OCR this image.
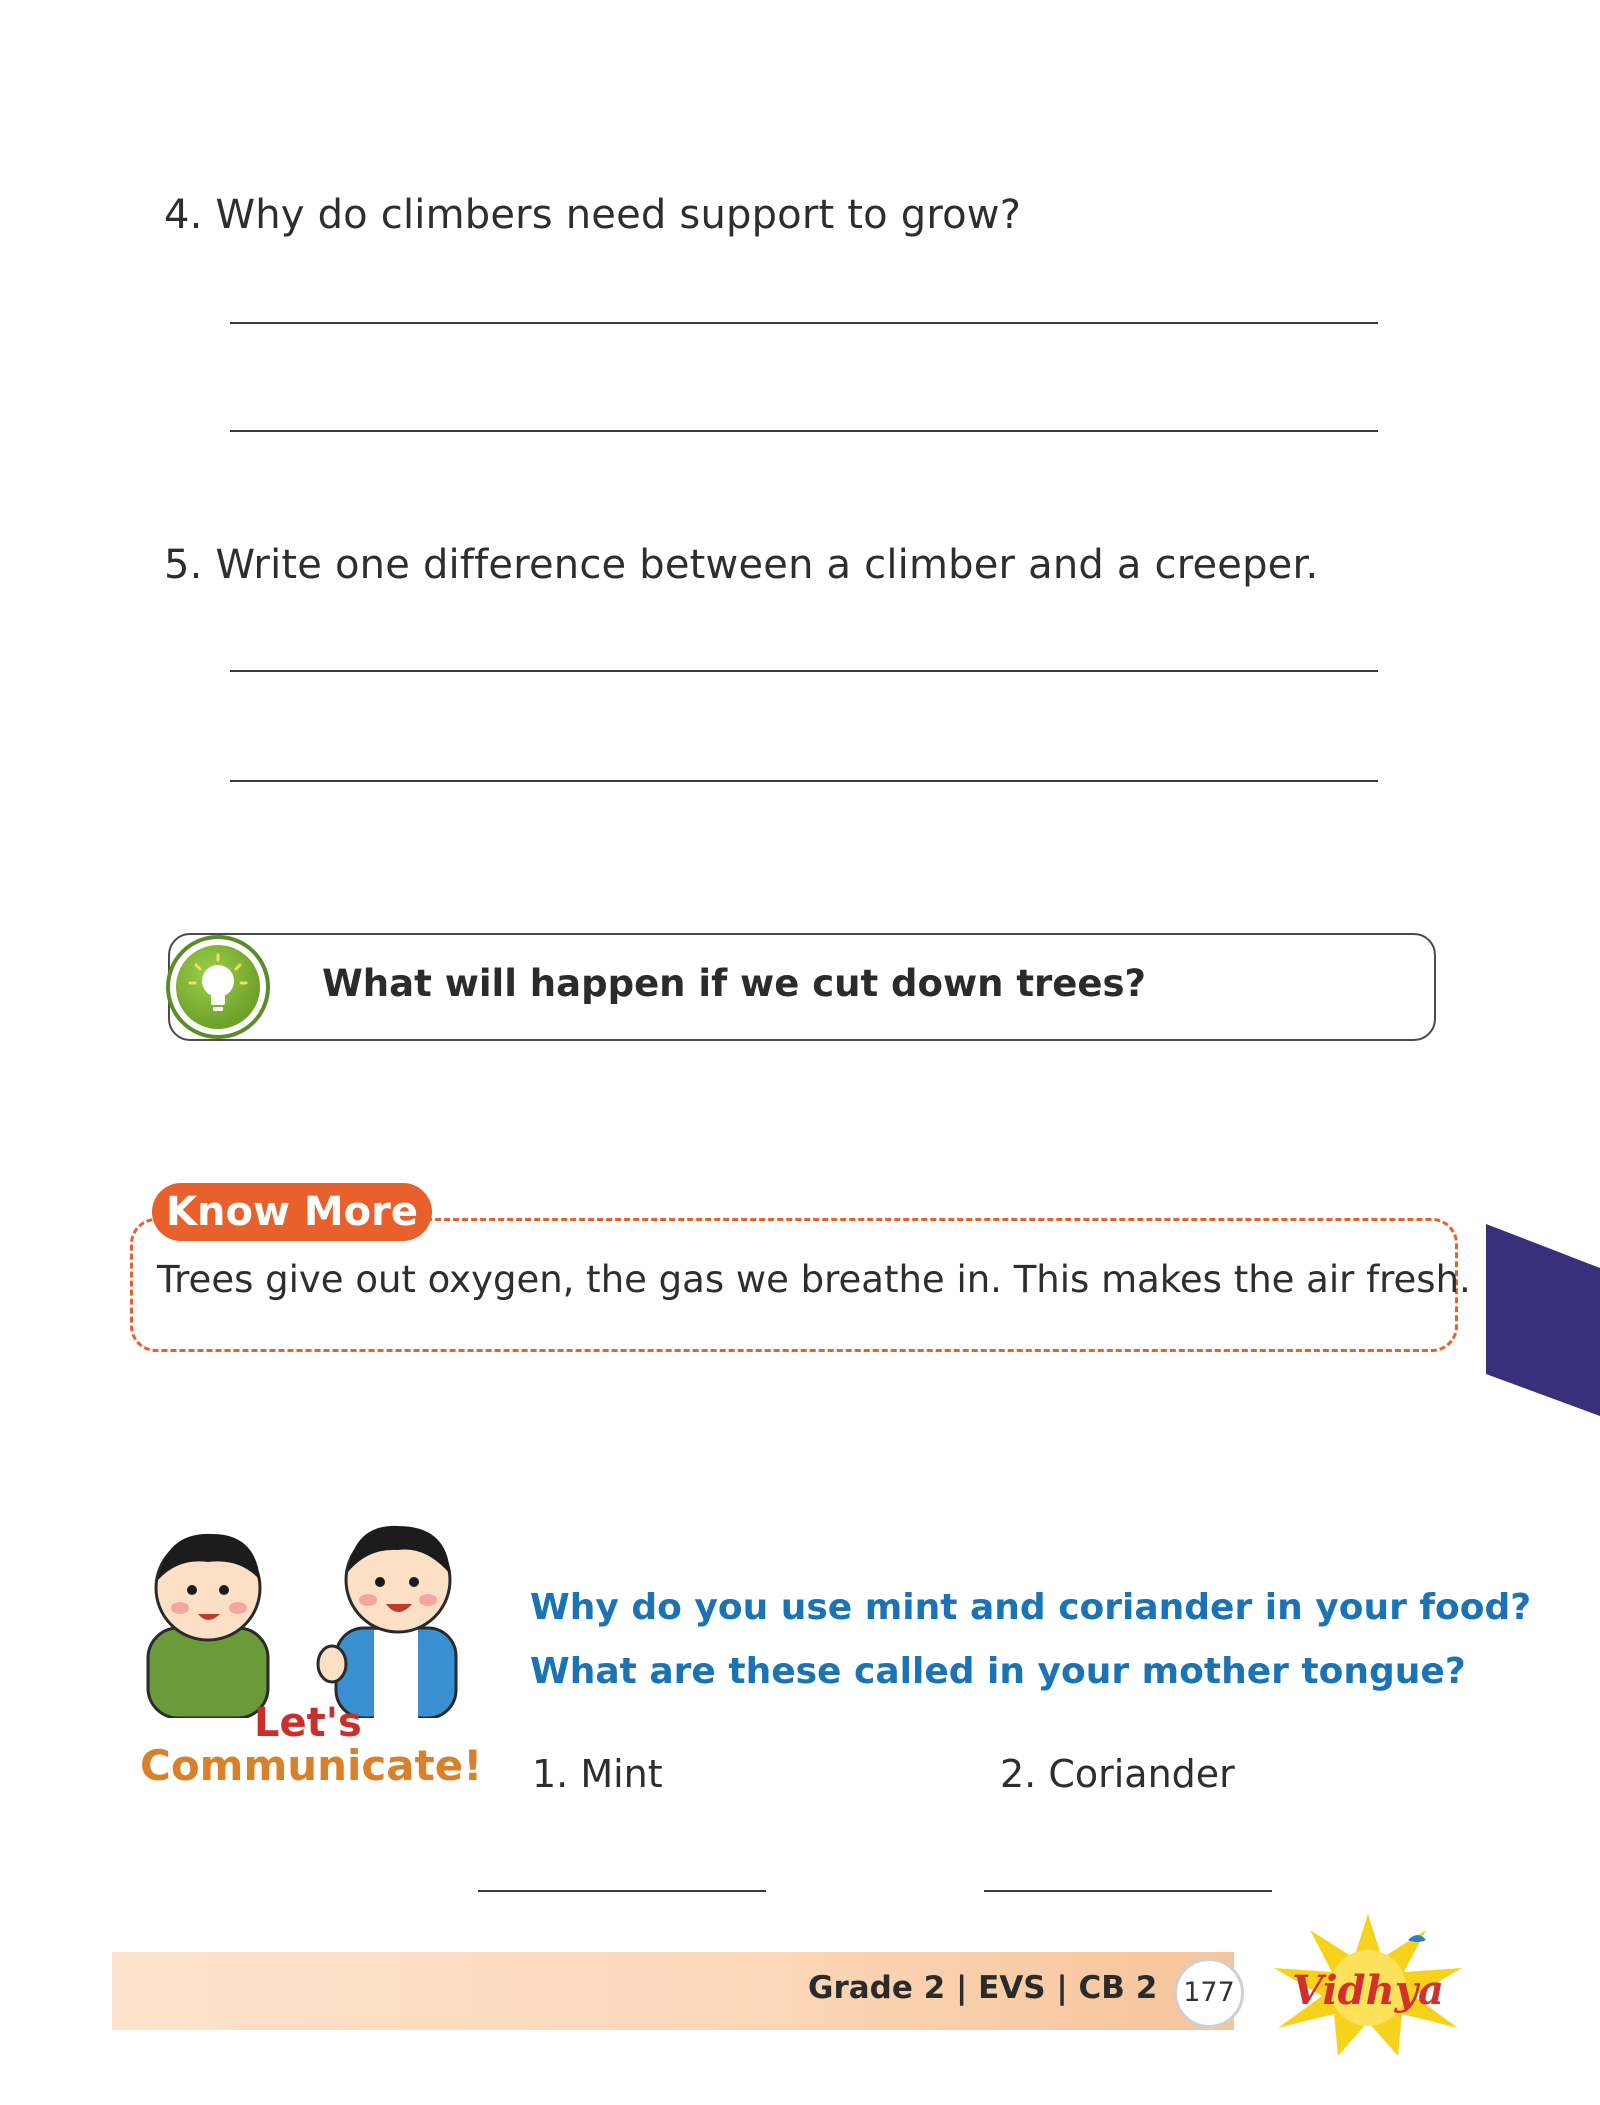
4. Why do climbers need support to grow?
5. Write one difference between a climber and a creeper.
What will happen if we cut down trees?
Know More
Trees give out oxygen, the gas we breathe in. This makes the air fresh.
Let's
Communicate!
Why do you use mint and coriander in your food?
What are these called in your mother tongue?
1. Mint	2. Coriander
Grade 2 | EVS | CB 2 177 Vidhya
